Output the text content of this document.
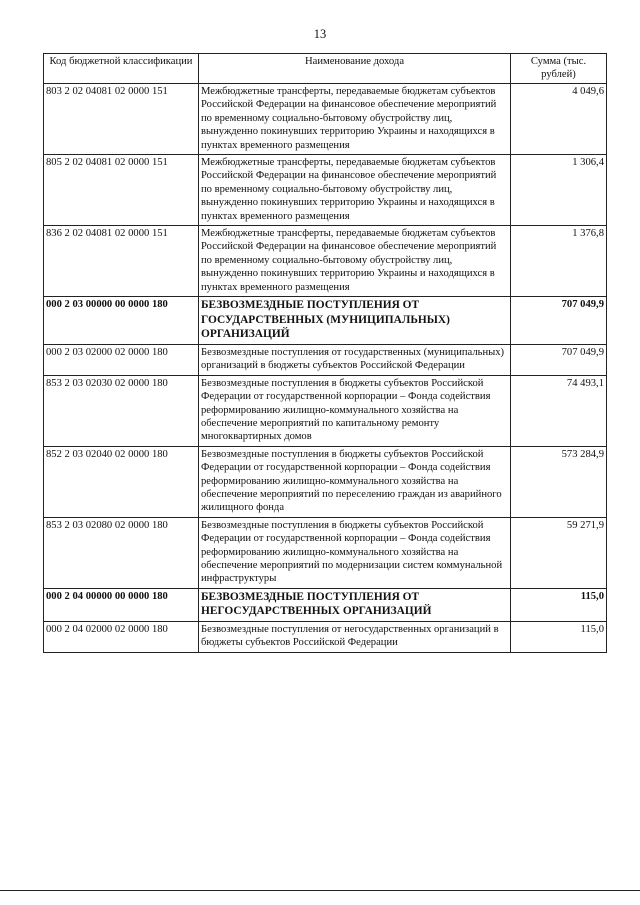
13
Код бюджетной классификации	Наименование дохода	Сумма (тыс. рублей)
803 2 02 04081 02 0000 151	Межбюджетные трансферты, передаваемые бюджетам субъектов Российской Федерации на финансовое обеспечение мероприятий по временному социально-бытовому обустройству лиц, вынужденно покинувших территорию Украины и находящихся в пунктах временного размещения	4 049,6
805 2 02 04081 02 0000 151	Межбюджетные трансферты, передаваемые бюджетам субъектов Российской Федерации на финансовое обеспечение мероприятий по временному социально-бытовому обустройству лиц, вынужденно покинувших территорию Украины и находящихся в пунктах временного размещения	1 306,4
836 2 02 04081 02 0000 151	Межбюджетные трансферты, передаваемые бюджетам субъектов Российской Федерации на финансовое обеспечение мероприятий по временному социально-бытовому обустройству лиц, вынужденно покинувших территорию Украины и находящихся в пунктах временного размещения	1 376,8
000 2 03 00000 00 0000 180	БЕЗВОЗМЕЗДНЫЕ ПОСТУПЛЕНИЯ ОТ ГОСУДАРСТВЕННЫХ (МУНИЦИПАЛЬНЫХ) ОРГАНИЗАЦИЙ	707 049,9
000 2 03 02000 02 0000 180	Безвозмездные поступления от государственных (муниципальных) организаций в бюджеты субъектов Российской Федерации	707 049,9
853 2 03 02030 02 0000 180	Безвозмездные поступления в бюджеты субъектов Российской Федерации от государственной корпорации – Фонда содействия реформированию жилищно-коммунального хозяйства на обеспечение мероприятий по капитальному ремонту многоквартирных домов	74 493,1
852 2 03 02040 02 0000 180	Безвозмездные поступления в бюджеты субъектов Российской Федерации от государственной корпорации – Фонда содействия реформированию жилищно-коммунального хозяйства на обеспечение мероприятий по переселению граждан из аварийного жилищного фонда	573 284,9
853 2 03 02080 02 0000 180	Безвозмездные поступления в бюджеты субъектов Российской Федерации от государственной корпорации – Фонда содействия реформированию жилищно-коммунального хозяйства на обеспечение мероприятий по модернизации систем коммунальной инфраструктуры	59 271,9
000 2 04 00000 00 0000 180	БЕЗВОЗМЕЗДНЫЕ ПОСТУПЛЕНИЯ ОТ НЕГОСУДАРСТВЕННЫХ ОРГАНИЗАЦИЙ	115,0
000 2 04 02000 02 0000 180	Безвозмездные поступления от негосударственных организаций в бюджеты субъектов Российской Федерации	115,0
